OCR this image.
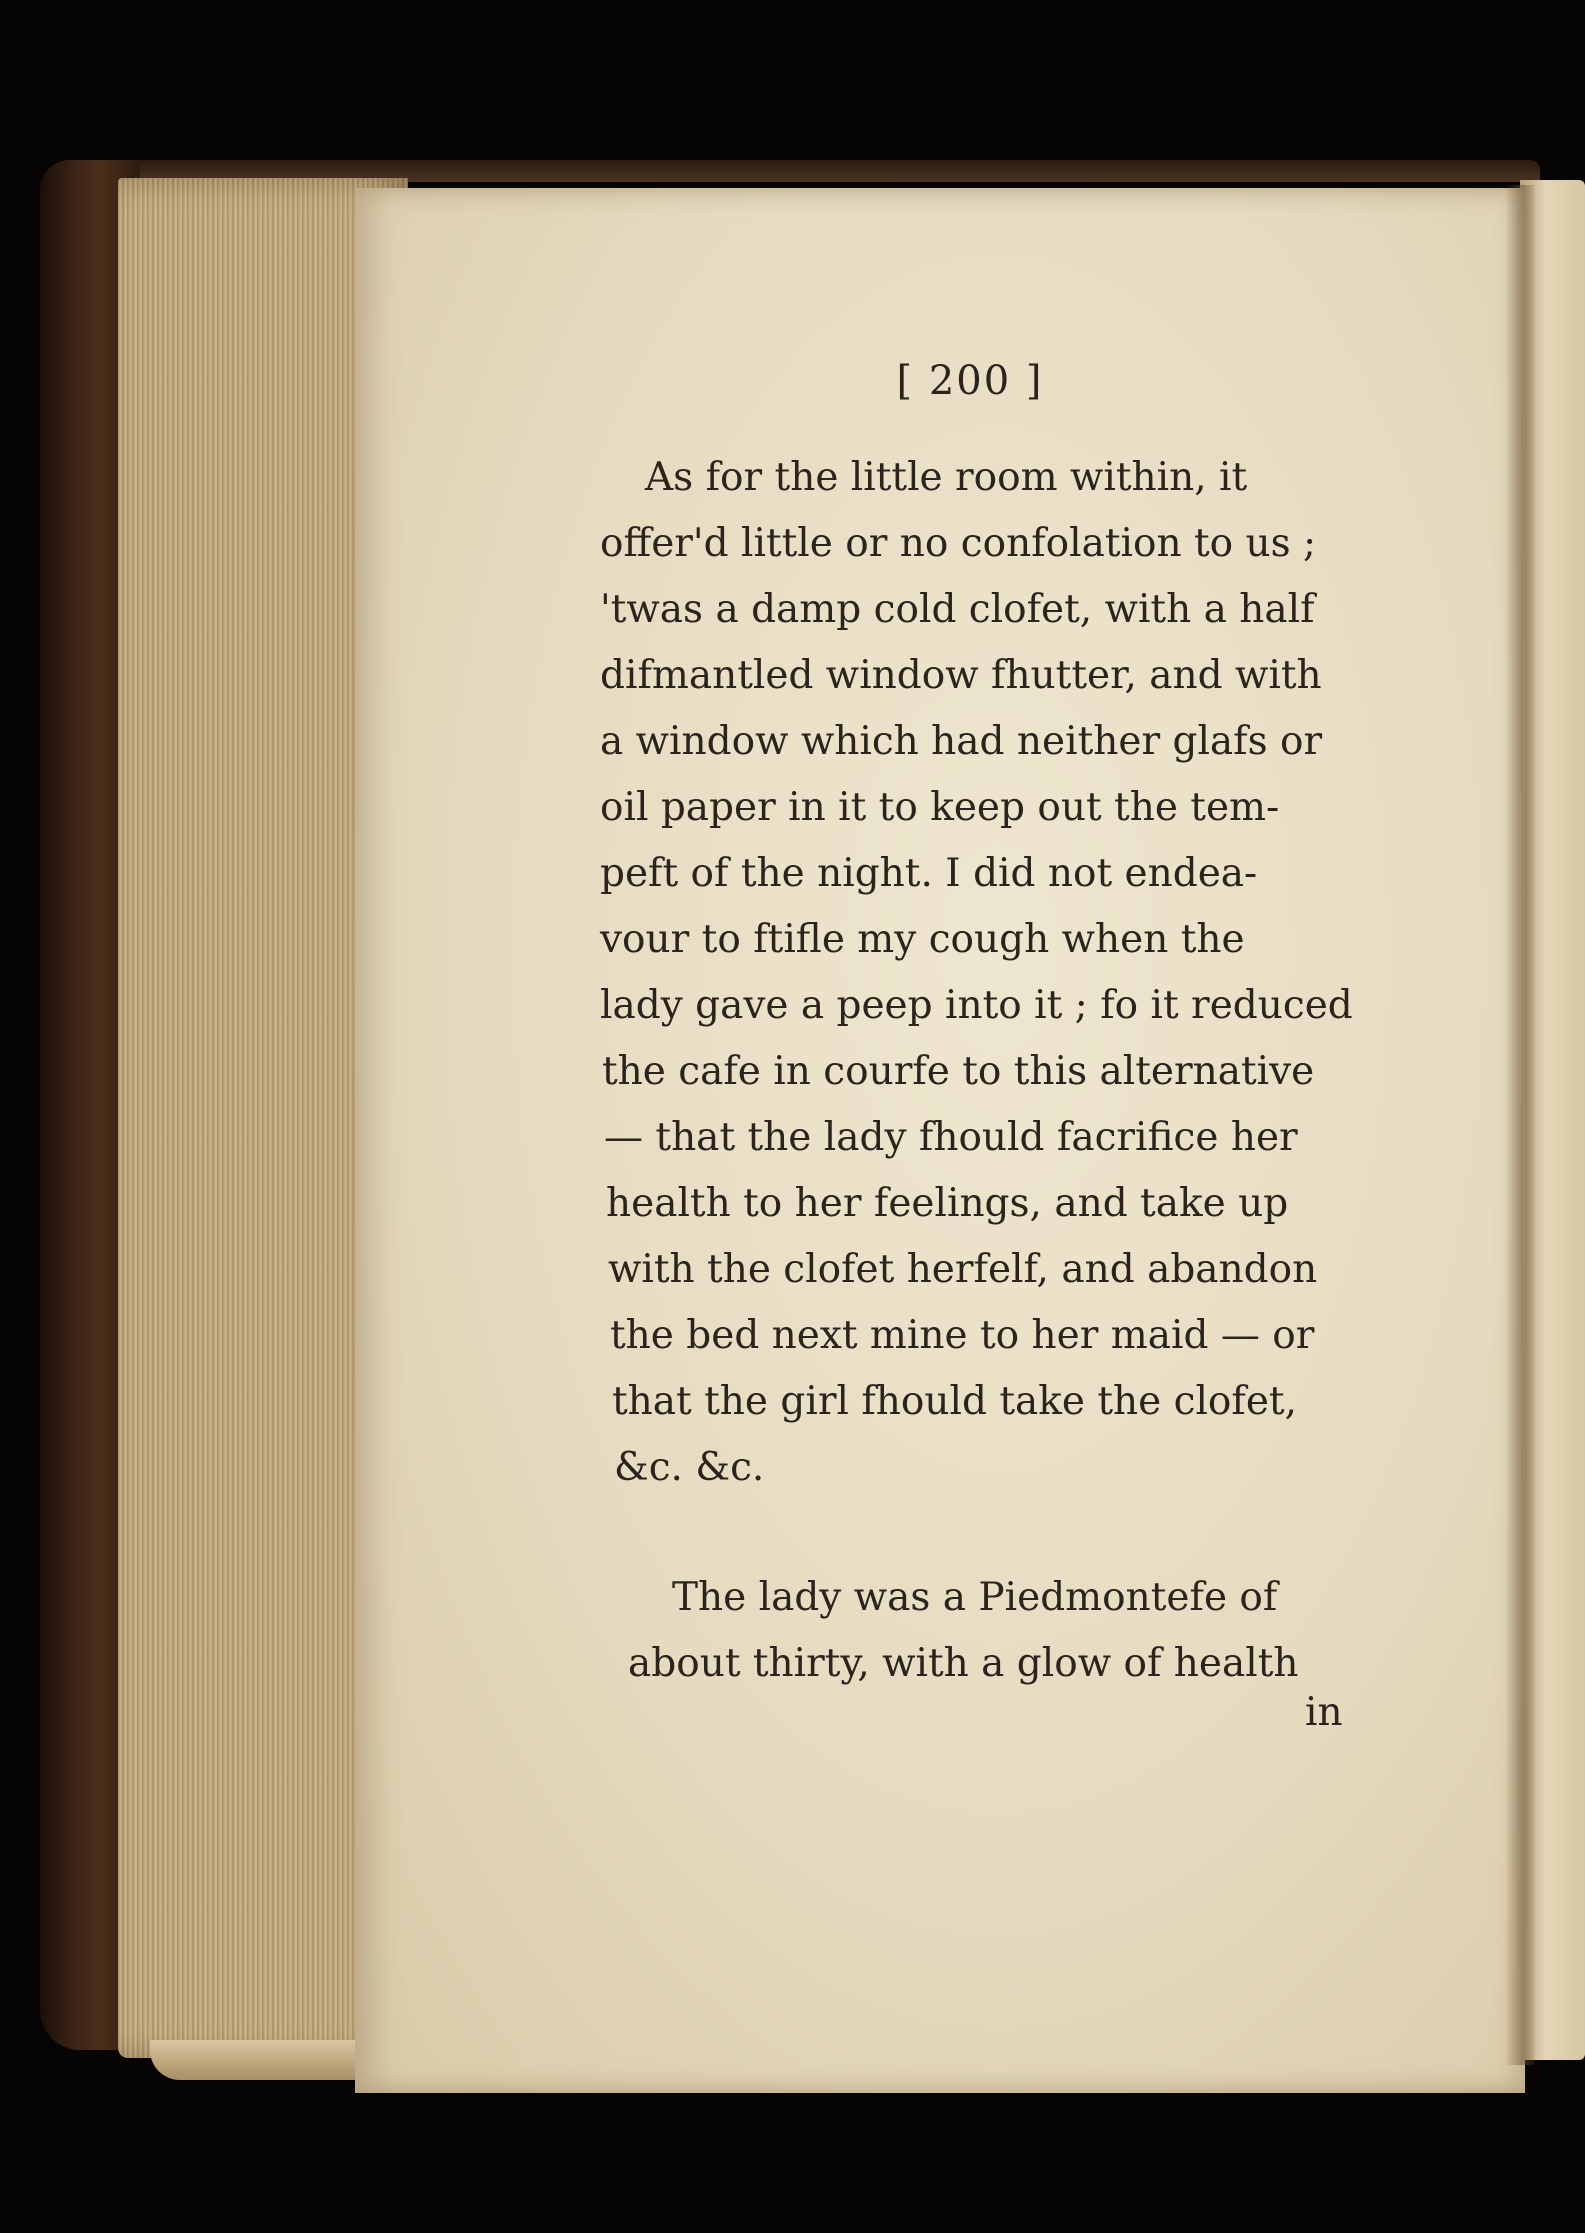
[ 200 ]
As for the little room within, it
offer'd little or no confolation to us ;
'twas a damp cold clofet, with a half
difmantled window fhutter, and with
a window which had neither glafs or
oil paper in it to keep out the tem-
peft of the night. I did not endea-
vour to ftifle my cough when the
lady gave a peep into it ; fo it reduced
the cafe in courfe to this alternative
— that the lady fhould facrifice her
health to her feelings, and take up
with the clofet herfelf, and abandon
the bed next mine to her maid — or
that the girl fhould take the clofet,
&c. &c.
The lady was a Piedmontefe of
about thirty, with a glow of health
in
